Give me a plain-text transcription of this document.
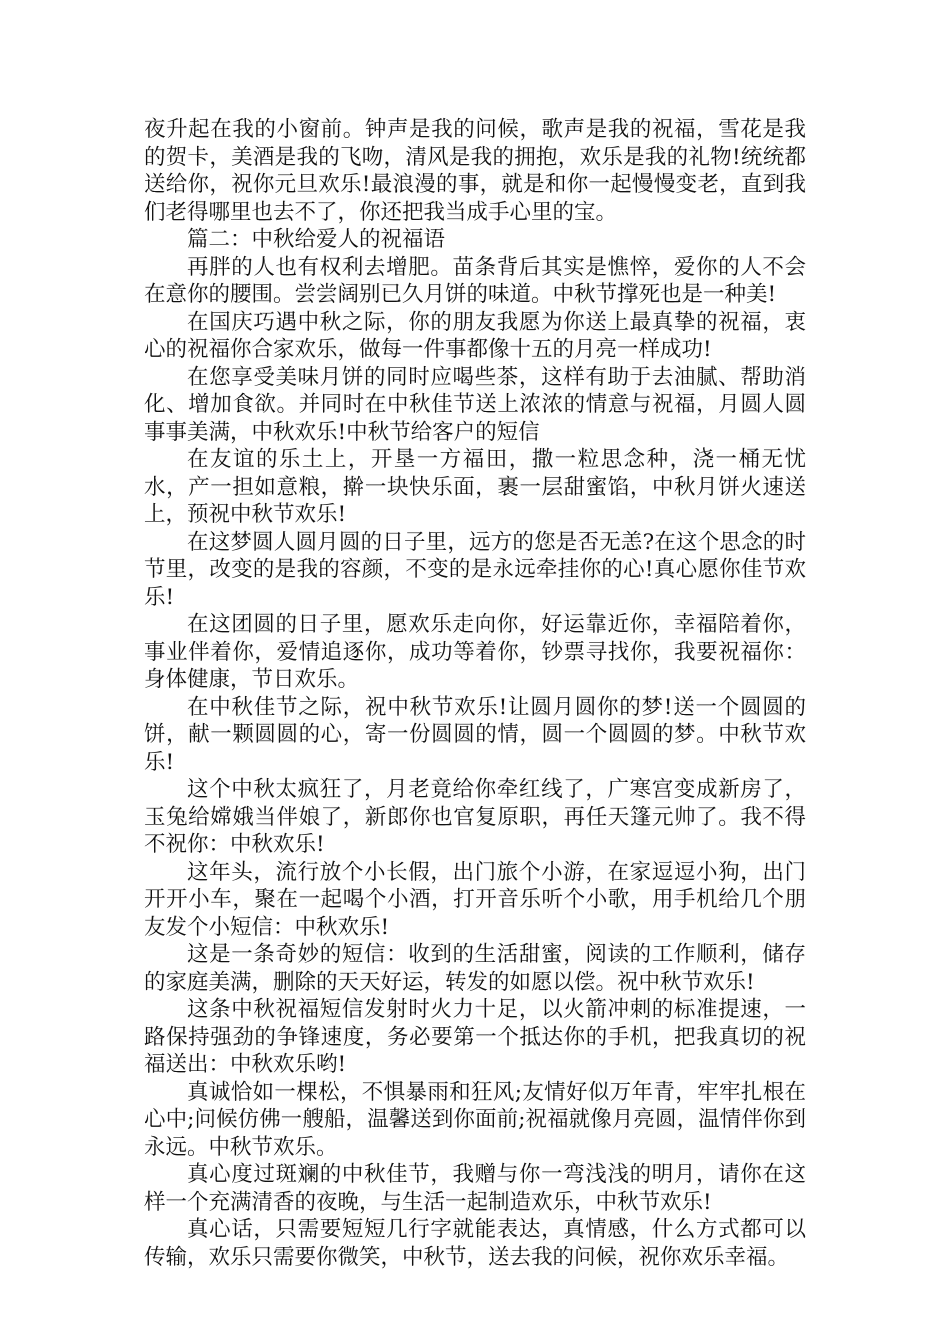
夜升起在我的小窗前。钟声是我的问候，歌声是我的祝福，雪花是我的贺卡，美酒是我的飞吻，清风是我的拥抱，欢乐是我的礼物!统统都送给你，祝你元旦欢乐!最浪漫的事，就是和你一起慢慢变老，直到我们老得哪里也去不了，你还把我当成手心里的宝。

篇二：中秋给爱人的祝福语

再胖的人也有权利去增肥。苗条背后其实是憔悴，爱你的人不会在意你的腰围。尝尝阔别已久月饼的味道。中秋节撑死也是一种美!

在国庆巧遇中秋之际，你的朋友我愿为你送上最真挚的祝福，衷心的祝福你合家欢乐，做每一件事都像十五的月亮一样成功!

在您享受美味月饼的同时应喝些茶，这样有助于去油腻、帮助消化、增加食欲。并同时在中秋佳节送上浓浓的情意与祝福，月圆人圆事事美满，中秋欢乐!中秋节给客户的短信

在友谊的乐土上，开垦一方福田，撒一粒思念种，浇一桶无忧水，产一担如意粮，擀一块快乐面，裹一层甜蜜馅，中秋月饼火速送上，预祝中秋节欢乐!

在这梦圆人圆月圆的日子里，远方的您是否无恙?在这个思念的时节里，改变的是我的容颜，不变的是永远牵挂你的心!真心愿你佳节欢乐!

在这团圆的日子里，愿欢乐走向你，好运靠近你，幸福陪着你，事业伴着你，爱情追逐你，成功等着你，钞票寻找你，我要祝福你：身体健康，节日欢乐。

在中秋佳节之际，祝中秋节欢乐!让圆月圆你的梦!送一个圆圆的饼，献一颗圆圆的心，寄一份圆圆的情，圆一个圆圆的梦。中秋节欢乐!

这个中秋太疯狂了，月老竟给你牵红线了，广寒宫变成新房了，玉兔给嫦娥当伴娘了，新郎你也官复原职，再任天篷元帅了。我不得不祝你：中秋欢乐!

这年头，流行放个小长假，出门旅个小游，在家逗逗小狗，出门开开小车，聚在一起喝个小酒，打开音乐听个小歌，用手机给几个朋友发个小短信：中秋欢乐!

这是一条奇妙的短信：收到的生活甜蜜，阅读的工作顺利，储存的家庭美满，删除的天天好运，转发的如愿以偿。祝中秋节欢乐!

这条中秋祝福短信发射时火力十足，以火箭冲刺的标准提速，一路保持强劲的争锋速度，务必要第一个抵达你的手机，把我真切的祝福送出：中秋欢乐哟!

真诚恰如一棵松，不惧暴雨和狂风;友情好似万年青，牢牢扎根在心中;问候仿佛一艘船，温馨送到你面前;祝福就像月亮圆，温情伴你到永远。中秋节欢乐。

真心度过斑斓的中秋佳节，我赠与你一弯浅浅的明月，请你在这样一个充满清香的夜晚，与生活一起制造欢乐，中秋节欢乐!

真心话，只需要短短几行字就能表达，真情感，什么方式都可以传输，欢乐只需要你微笑，中秋节，送去我的问候，祝你欢乐幸福。
